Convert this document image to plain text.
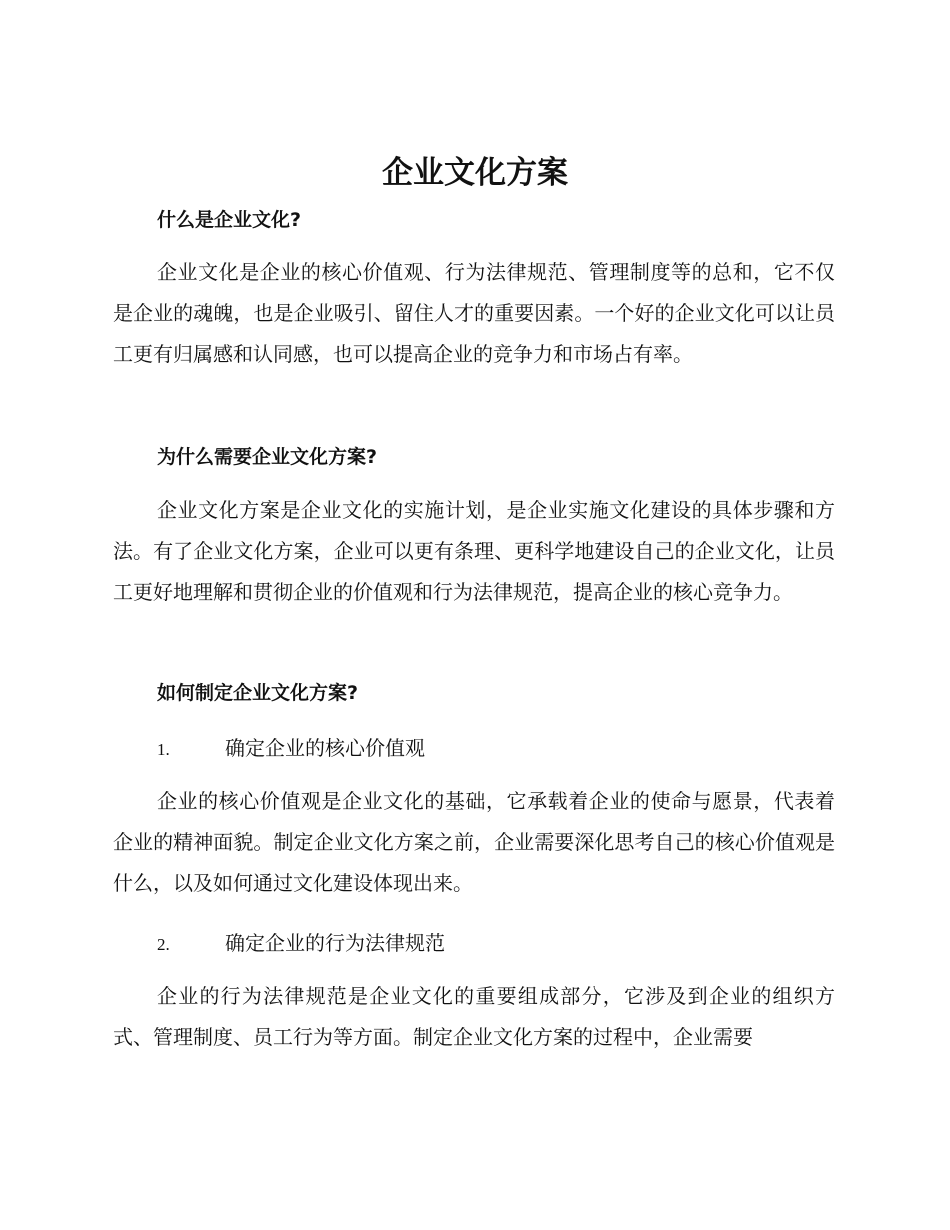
企业文化方案
什么是企业文化?

企业文化是企业的核心价值观、行为法律规范、管理制度等的总和，它不仅是企业的魂魄，也是企业吸引、留住人才的重要因素。一个好的企业文化可以让员工更有归属感和认同感，也可以提高企业的竞争力和市场占有率。

为什么需要企业文化方案?

企业文化方案是企业文化的实施计划，是企业实施文化建设的具体步骤和方法。有了企业文化方案，企业可以更有条理、更科学地建设自己的企业文化，让员工更好地理解和贯彻企业的价值观和行为法律规范，提高企业的核心竞争力。

如何制定企业文化方案?
1.	确定企业的核心价值观

企业的核心价值观是企业文化的基础，它承载着企业的使命与愿景，代表着企业的精神面貌。制定企业文化方案之前，企业需要深化思考自己的核心价值观是什么，以及如何通过文化建设体现出来。

2.	确定企业的行为法律规范

企业的行为法律规范是企业文化的重要组成部分，它涉及到企业的组织方式、管理制度、员工行为等方面。制定企业文化方案的过程中，企业需要
